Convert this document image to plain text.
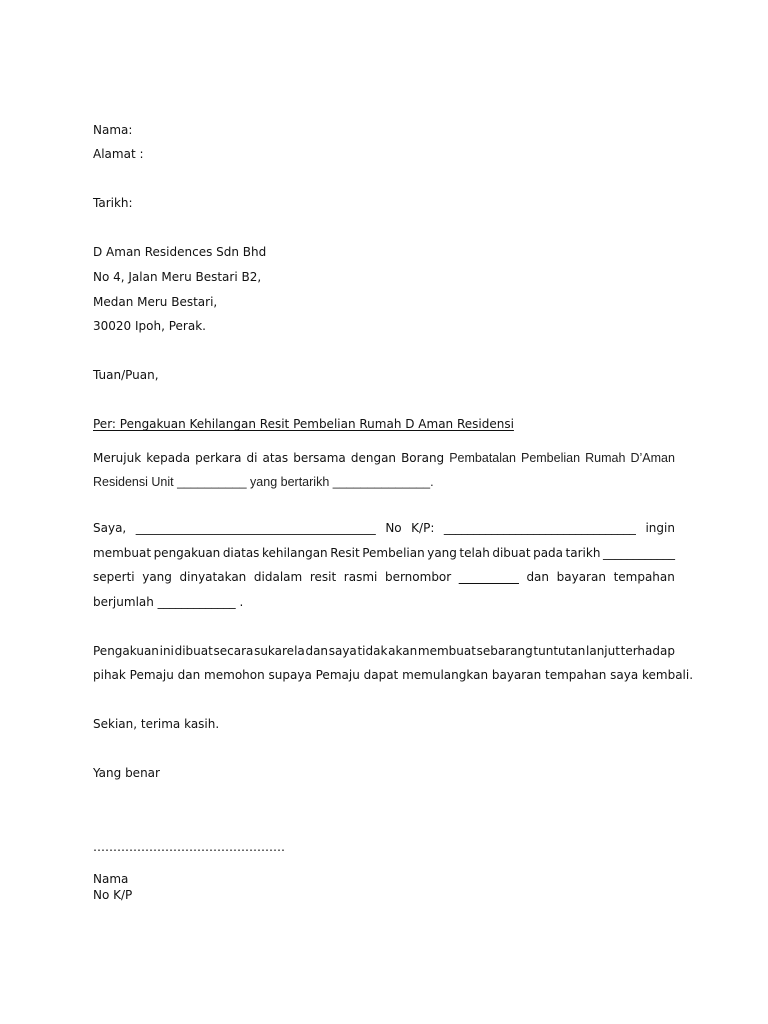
Nama:
Alamat :
Tarikh:
D Aman Residences Sdn Bhd
No 4, Jalan Meru Bestari B2,
Medan Meru Bestari,
30020 Ipoh, Perak.
Tuan/Puan,
Per: Pengakuan Kehilangan Resit Pembelian Rumah D Aman Residensi
Merujuk kepada perkara di atas bersama dengan Borang Pembatalan Pembelian Rumah D’Aman
Residensi Unit __________ yang bertarikh ______________.
Saya, ________________________________________ No K/P: ________________________________ ingin
membuat pengakuan diatas kehilangan Resit Pembelian yang telah dibuat pada tarikh ____________
seperti yang dinyatakan didalam resit rasmi bernombor __________ dan bayaran tempahan
berjumlah _____________ .
Pengakuan ini dibuat secara sukarela dan saya tidak akan membuat sebarang tuntutan lanjut terhadap
pihak Pemaju dan memohon supaya Pemaju dapat memulangkan bayaran tempahan saya kembali.
Sekian, terima kasih.
Yang benar
…………………………………………
Nama
No K/P
